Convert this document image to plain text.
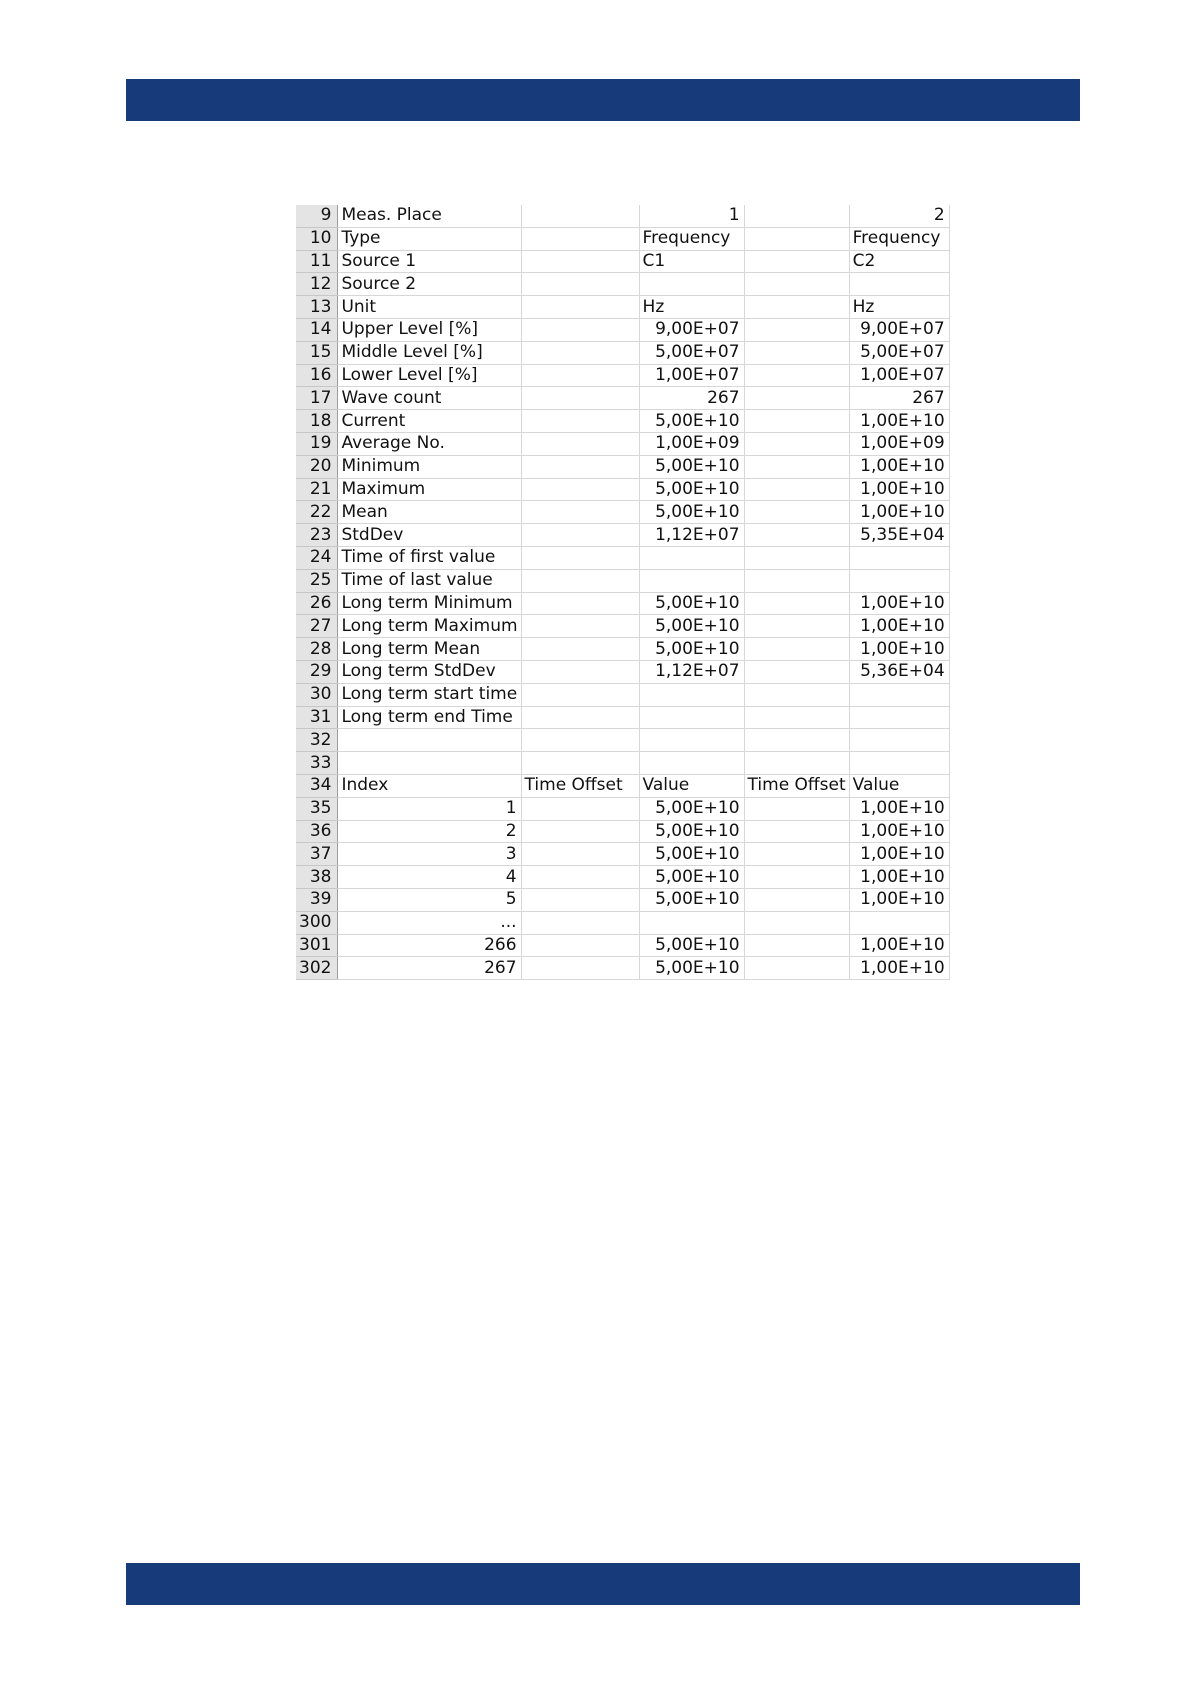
9	Meas. Place		1		2
10	Type		Frequency		Frequency
11	Source 1		C1		C2
12	Source 2				
13	Unit		Hz		Hz
14	Upper Level [%]		9,00E+07		9,00E+07
15	Middle Level [%]		5,00E+07		5,00E+07
16	Lower Level [%]		1,00E+07		1,00E+07
17	Wave count		267		267
18	Current		5,00E+10		1,00E+10
19	Average No.		1,00E+09		1,00E+09
20	Minimum		5,00E+10		1,00E+10
21	Maximum		5,00E+10		1,00E+10
22	Mean		5,00E+10		1,00E+10
23	StdDev		1,12E+07		5,35E+04
24	Time of first value				
25	Time of last value				
26	Long term Minimum		5,00E+10		1,00E+10
27	Long term Maximum		5,00E+10		1,00E+10
28	Long term Mean		5,00E+10		1,00E+10
29	Long term StdDev		1,12E+07		5,36E+04
30	Long term start time				
31	Long term end Time				
32					
33					
34	Index	Time Offset	Value	Time Offset	Value
35	1		5,00E+10		1,00E+10
36	2		5,00E+10		1,00E+10
37	3		5,00E+10		1,00E+10
38	4		5,00E+10		1,00E+10
39	5		5,00E+10		1,00E+10
300	...				
301	266		5,00E+10		1,00E+10
302	267		5,00E+10		1,00E+10
